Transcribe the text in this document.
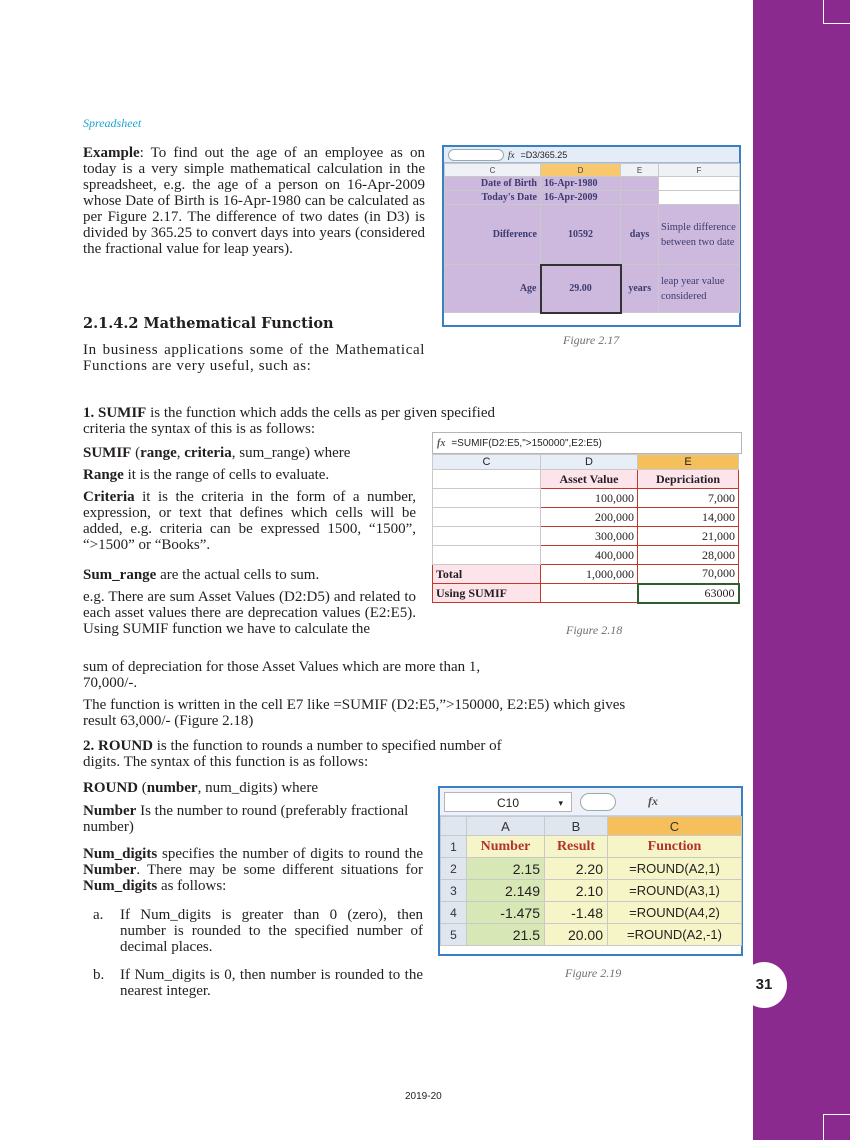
31
Spreadsheet

Example: To find out the age of an employee as on today is a very simple mathematical calculation in the spreadsheet, e.g. the age of a person on 16-Apr-2009 whose Date of Birth is 16-Apr-1980 can be calculated as per Figure 2.17. The difference of two dates (in D3) is divided by 365.25 to convert days into years (considered the fractional value for leap years).

2.1.4.2 Mathematical Function

In business applications some of the Mathematical Functions are very useful, such as:

1. SUMIF is the function which adds the cells as per given specified
criteria the syntax of this is as follows:

SUMIF (range, criteria, sum_range) where

Range it is the range of cells to evaluate.

Criteria it is the criteria in the form of a number, expression, or text that defines which cells will be added, e.g. criteria can be expressed 1500, “1500”, “>1500” or “Books”.

Sum_range are the actual cells to sum.

e.g. There are sum Asset Values (D2:D5) and related to each asset values there are deprecation values (E2:E5). Using SUMIF function we have to calculate the

sum of depreciation for those Asset Values which are more than 1,
70,000/-.

The function is written in the cell E7 like =SUMIF (D2:E5,”>150000, E2:E5) which gives result 63,000/- (Figure 2.18)

2. ROUND is the function to rounds a number to specified number of
digits. The syntax of this function is as follows:

ROUND (number, num_digits) where

Number Is the number to round (preferably fractional number)

Num_digits specifies the number of digits to round the Number. There may be some different situations for Num_digits as follows:

a. If Num_digits is greater than 0 (zero), then number is rounded to the specified number of decimal places.

b. If Num_digits is 0, then number is rounded to the nearest integer.

fx =D3/365.25
C	D	E	F
Date of Birth	16-Apr-1980		
Today's Date	16-Apr-2009		
Difference	10592	days	Simple difference between two date
Age	29.00	years	leap year value considered
Figure 2.17
fx =SUMIF(D2:E5,">150000",E2:E5)
C	D	E
	Asset Value	Depriciation
	100,000	7,000
	200,000	14,000
	300,000	21,000
	400,000	28,000
Total	1,000,000	70,000
Using SUMIF		63000
Figure 2.18
C10	▾	fx
	A	B	C
1	Number	Result	Function
2	2.15	2.20	=ROUND(A2,1)
3	2.149	2.10	=ROUND(A3,1)
4	-1.475	-1.48	=ROUND(A4,2)
5	21.5	20.00	=ROUND(A2,-1)
Figure 2.19
2019-20
